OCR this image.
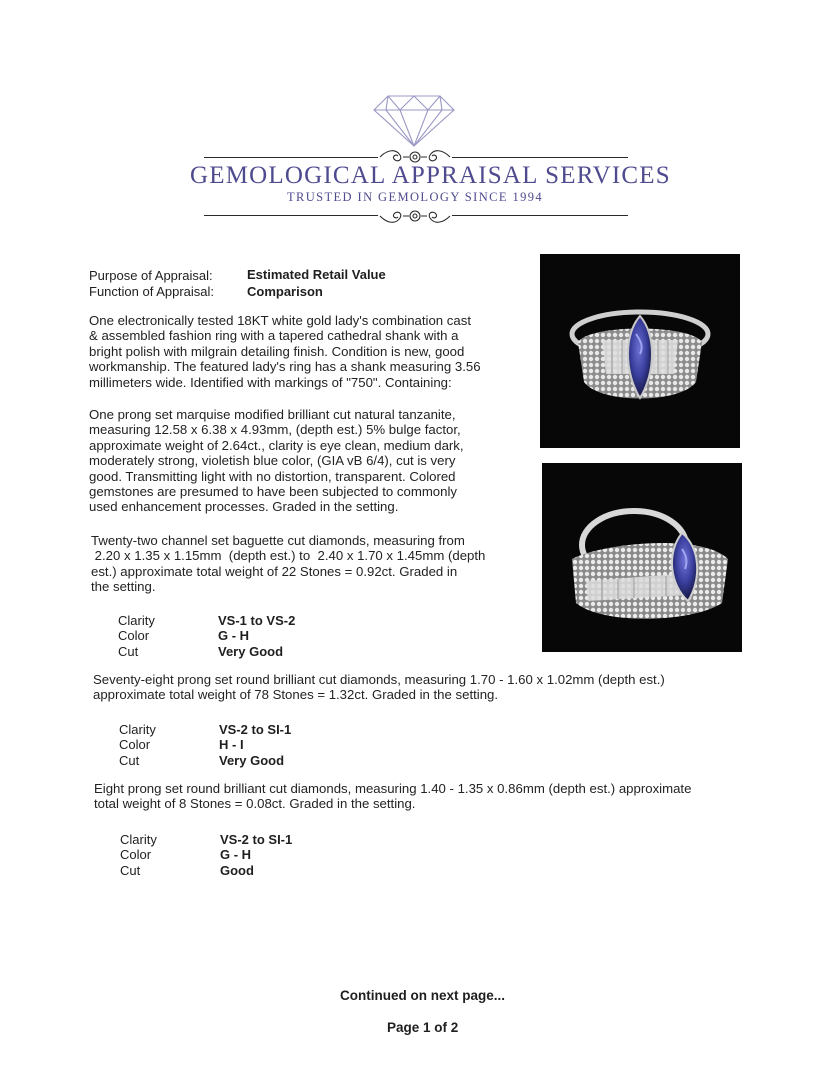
GEMOLOGICAL APPRAISAL SERVICES
TRUSTED IN GEMOLOGY SINCE 1994
Purpose of Appraisal:	Estimated Retail Value
Function of Appraisal:	Comparison
One electronically tested 18KT white gold lady's combination cast
& assembled fashion ring with a tapered cathedral shank with a
bright polish with milgrain detailing finish. Condition is new, good
workmanship. The featured lady's ring has a shank measuring 3.56
millimeters wide. Identified with markings of "750". Containing:
One prong set marquise modified brilliant cut natural tanzanite,
measuring 12.58 x 6.38 x 4.93mm, (depth est.) 5% bulge factor,
approximate weight of 2.64ct., clarity is eye clean, medium dark,
moderately strong, violetish blue color, (GIA vB 6/4), cut is very
good. Transmitting light with no distortion, transparent. Colored
gemstones are presumed to have been subjected to commonly
used enhancement processes. Graded in the setting.
Twenty-two channel set baguette cut diamonds, measuring from
2.20 x 1.35 x 1.15mm  (depth est.) to  2.40 x 1.70 x 1.45mm (depth
est.) approximate total weight of 22 Stones = 0.92ct. Graded in
the setting.
Clarity	VS-1 to VS-2
Color	G - H
Cut	Very Good
Seventy-eight prong set round brilliant cut diamonds, measuring 1.70 - 1.60 x 1.02mm (depth est.)
approximate total weight of 78 Stones = 1.32ct. Graded in the setting.
Clarity	VS-2 to SI-1
Color	H - I
Cut	Very Good
Eight prong set round brilliant cut diamonds, measuring 1.40 - 1.35 x 0.86mm (depth est.) approximate
total weight of 8 Stones = 0.08ct. Graded in the setting.
Clarity	VS-2 to SI-1
Color	G - H
Cut	Good
Continued on next page...
Page 1 of 2
